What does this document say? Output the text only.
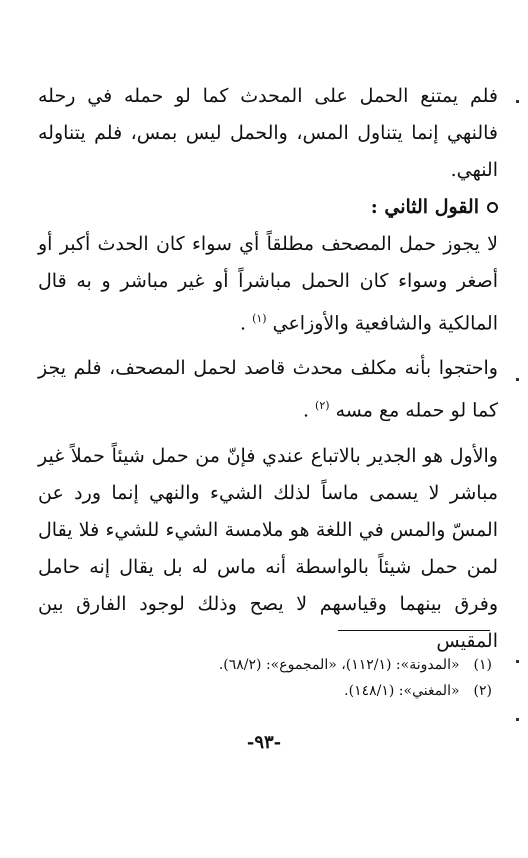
فلم يمتنع الحمل على المحدث كما لو حمله في رحله فالنهي إنما يتناول المس، والحمل ليس بمس، فلم يتناوله النهي.

القول الثاني :

لا يجوز حمل المصحف مطلقاً أي سواء كان الحدث أكبر أو أصغر وسواء كان الحمل مباشراً أو غير مباشر و به قال المالكية والشافعية والأوزاعي $^{(١)}$ .

واحتجوا بأنه مكلف محدث قاصد لحمل المصحف، فلم يجز كما لو حمله مع مسه $^{(٢)}$ .

والأول هو الجدير بالاتباع عندي فإنّ من حمل شيئاً حملاً غير مباشر لا يسمى ماساً لذلك الشيء والنهي إنما ورد عن المسّ والمس في اللغة هو ملامسة الشيء للشيء فلا يقال لمن حمل شيئاً بالواسطة أنه ماس له بل يقال إنه حامل وفرق بينهما وقياسهم لا يصح وذلك لوجود الفارق بين المقيس

(١)
«المدونة»: (١١٢/١)، «المجموع»: (٦٨/٢).

(٢)
«المغني»: (١٤٨/١).

-٩٣-
